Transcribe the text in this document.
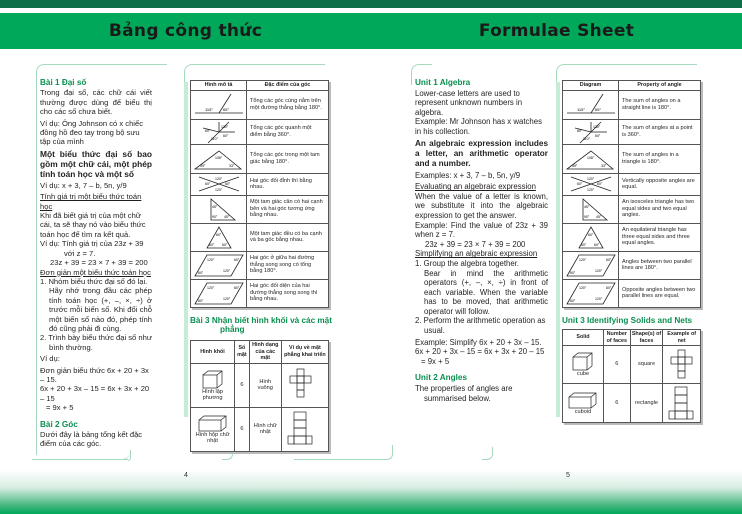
Bảng công thức	Formulae Sheet

Bài 1 Đại số

Trong đại số, các chữ cái viết thường được dùng để biểu thị cho các số chưa biết.

Ví dụ: Ông Johnson có x chiếc đồng hồ đeo tay trong bộ sưu tập của mình

Một biểu thức đại số bao gồm một chữ cái, một phép tính toán học và một số

Ví dụ: x + 3, 7 – b, 5n, y/9

Tính giá trị một biểu thức toán học

Khi đã biết giá trị của một chữ cái, ta sẽ thay nó vào biểu thức toán học để tìm ra kết quả.

Ví dụ: Tính giá trị của 23z + 39

với z = 7.

23z + 39 = 23 × 7 + 39 = 200

Đơn giản một biểu thức toán học

1. Nhóm biểu thức đại số đó lại.

Hãy nhớ trong đầu các phép tính toán học (+, –, ×, ÷) ở trước mỗi biến số. Khi đổi chỗ một biến số nào đó, phép tính đó cũng phải đi cùng.

2. Trình bày biểu thức đại số như bình thường.

Ví dụ:

Đơn giản biểu thức 6x + 20 + 3x – 15.

6x + 20 + 3x – 15 = 6x + 3x + 20 – 15

= 9x + 5

Bài 2 Góc

Dưới đây là bảng tổng kết đặc điểm của các góc.

Hình mô tả	Đặc điểm của góc

115° 65°	Tổng các góc cùng nằm trên một đường thẳng bằng 180°.

130°
60°
60°
110°	Tổng các góc quanh một điểm bằng 360°.

108°
39° 33°	Tổng các góc trong một tam giác bằng 180°.

120°
60° 60°
120°	Hai góc đối đỉnh thì bằng nhau.

45°
90° 45°	Một tam giác cân có hai cạnh bên và hai góc tương ứng bằng nhau.

60°
60° 60°	Một tam giác đều có ba cạnh và ba góc bằng nhau.

120° 60°
60° 120°	Hai góc ở giữa hai đường thẳng song song có tổng bằng 180°.

120° 60°
60° 120°	Hai góc đối diện của hai đường thẳng song song thì bằng nhau.

Bài 3 Nhận biết hình khối và các mặt phẳng

Hình khối	Số mặt	Hình dạng của các mặt	Ví dụ về mặt phẳng khai triển

Hình lập phương	6	Hình vuông	

Hình hộp chữ nhật	6	Hình chữ nhật	

Unit 1 Algebra

Lower-case letters are used to represent unknown numbers in algebra.

Example: Mr Johnson has x watches in his collection.

An algebraic expression includes a letter, an arithmetic operator and a number.

Examples: x + 3, 7 – b, 5n, y/9

Evaluating an algebraic expression

When the value of a letter is known, we substitute it into the algebraic expression to get the answer.

Example: Find the value of 23z + 39 when z = 7.

23z + 39 = 23 × 7 + 39 = 200

Simplifying an algebraic expression

1. Group the algebra together.

Bear in mind the arithmetic operators (+, –, ×, ÷) in front of each variable. When the variable has to be moved, that arithmetic operator will follow.

2. Perform the arithmetic operation as usual.

Example: Simplify 6x + 20 + 3x – 15.

6x + 20 + 3x – 15 = 6x + 3x + 20 – 15

= 9x + 5

Unit 2 Angles

The properties of angles are summarised below.

Diagram	Property of angle

115° 65°	The sum of angles on a straight line is 180°.

130°
60°
60°
110°	The sum of angles at a point is 360°.

108°
39° 33°	The sum of angles in a triangle is 180°.

120°
60° 60°
120°	Vertically opposite angles are equal.

45°
90° 45°	An isosceles triangle has two equal sides and two equal angles.

60°
60° 60°	An equilateral triangle has three equal sides and three equal angles.

120° 60°
60° 120°	Angles between two parallel lines are 180°.

120° 60°
60° 120°	Opposite angles between two parallel lines are equal.

Unit 3 Identifying Solids and Nets

Solid	Number of faces	Shape(s) of faces	Example of net

cube	6	square	

cuboid	6	rectangle	
4	5
